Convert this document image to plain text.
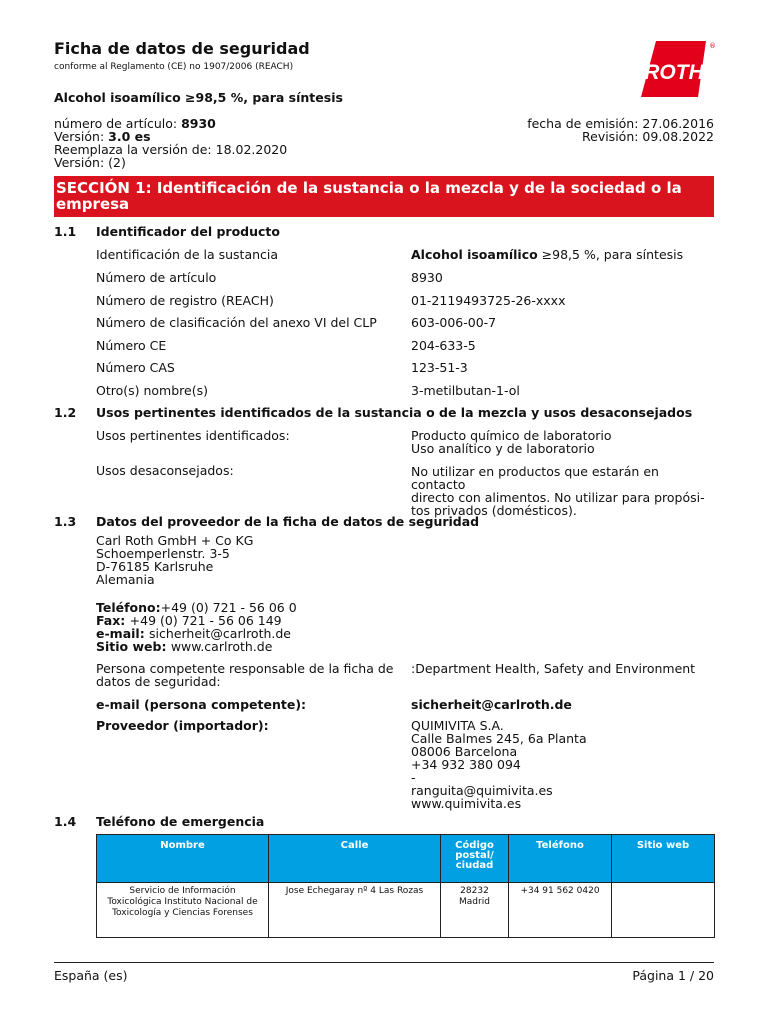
Ficha de datos de seguridad
conforme al Reglamento (CE) no 1907/2006 (REACH)	ROTH
®
Alcohol isoamílico ≥98,5 %, para síntesis
número de artículo: 8930
Versión: 3.0 es
Reemplaza la versión de: 18.02.2020
Versión: (2)
fecha de emisión: 27.06.2016
Revisión: 09.08.2022
SECCIÓN 1: Identificación de la sustancia o la mezcla y de la sociedad o la empresa
1.1 Identificador del producto
Identificación de la sustancia	Alcohol isoamílico ≥98,5 %, para síntesis
Número de artículo	8930
Número de registro (REACH)	01-2119493725-26-xxxx
Número de clasificación del anexo VI del CLP	603-006-00-7
Número CE	204-633-5
Número CAS	123-51-3
Otro(s) nombre(s)	3-metilbutan-1-ol
1.2 Usos pertinentes identificados de la sustancia o de la mezcla y usos desaconsejados
Usos pertinentes identificados:	Producto químico de laboratorio
Uso analítico y de laboratorio
Usos desaconsejados:	No utilizar en productos que estarán en contacto
directo con alimentos. No utilizar para propósi-
tos privados (domésticos).
1.3 Datos del proveedor de la ficha de datos de seguridad
Carl Roth GmbH + Co KG
Schoemperlenstr. 3-5
D-76185 Karlsruhe
Alemania
Teléfono:+49 (0) 721 - 56 06 0
Fax: +49 (0) 721 - 56 06 149
e-mail: sicherheit@carlroth.de
Sitio web: www.carlroth.de
Persona competente responsable de la ficha de
datos de seguridad:
:Department Health, Safety and Environment
e-mail (persona competente):	sicherheit@carlroth.de
Proveedor (importador):	QUIMIVITA S.A.
Calle Balmes 245, 6a Planta
08006 Barcelona
+34 932 380 094
-
ranguita@quimivita.es
www.quimivita.es
1.4 Teléfono de emergencia
Nombre	Calle	Código postal/ ciudad	Teléfono	Sitio web
Servicio de Información Toxicológica Instituto Nacional de Toxicología y Ciencias Forenses	Jose Echegaray nº 4 Las Rozas	28232 Madrid	+34 91 562 0420	
España (es)	Página 1 / 20
